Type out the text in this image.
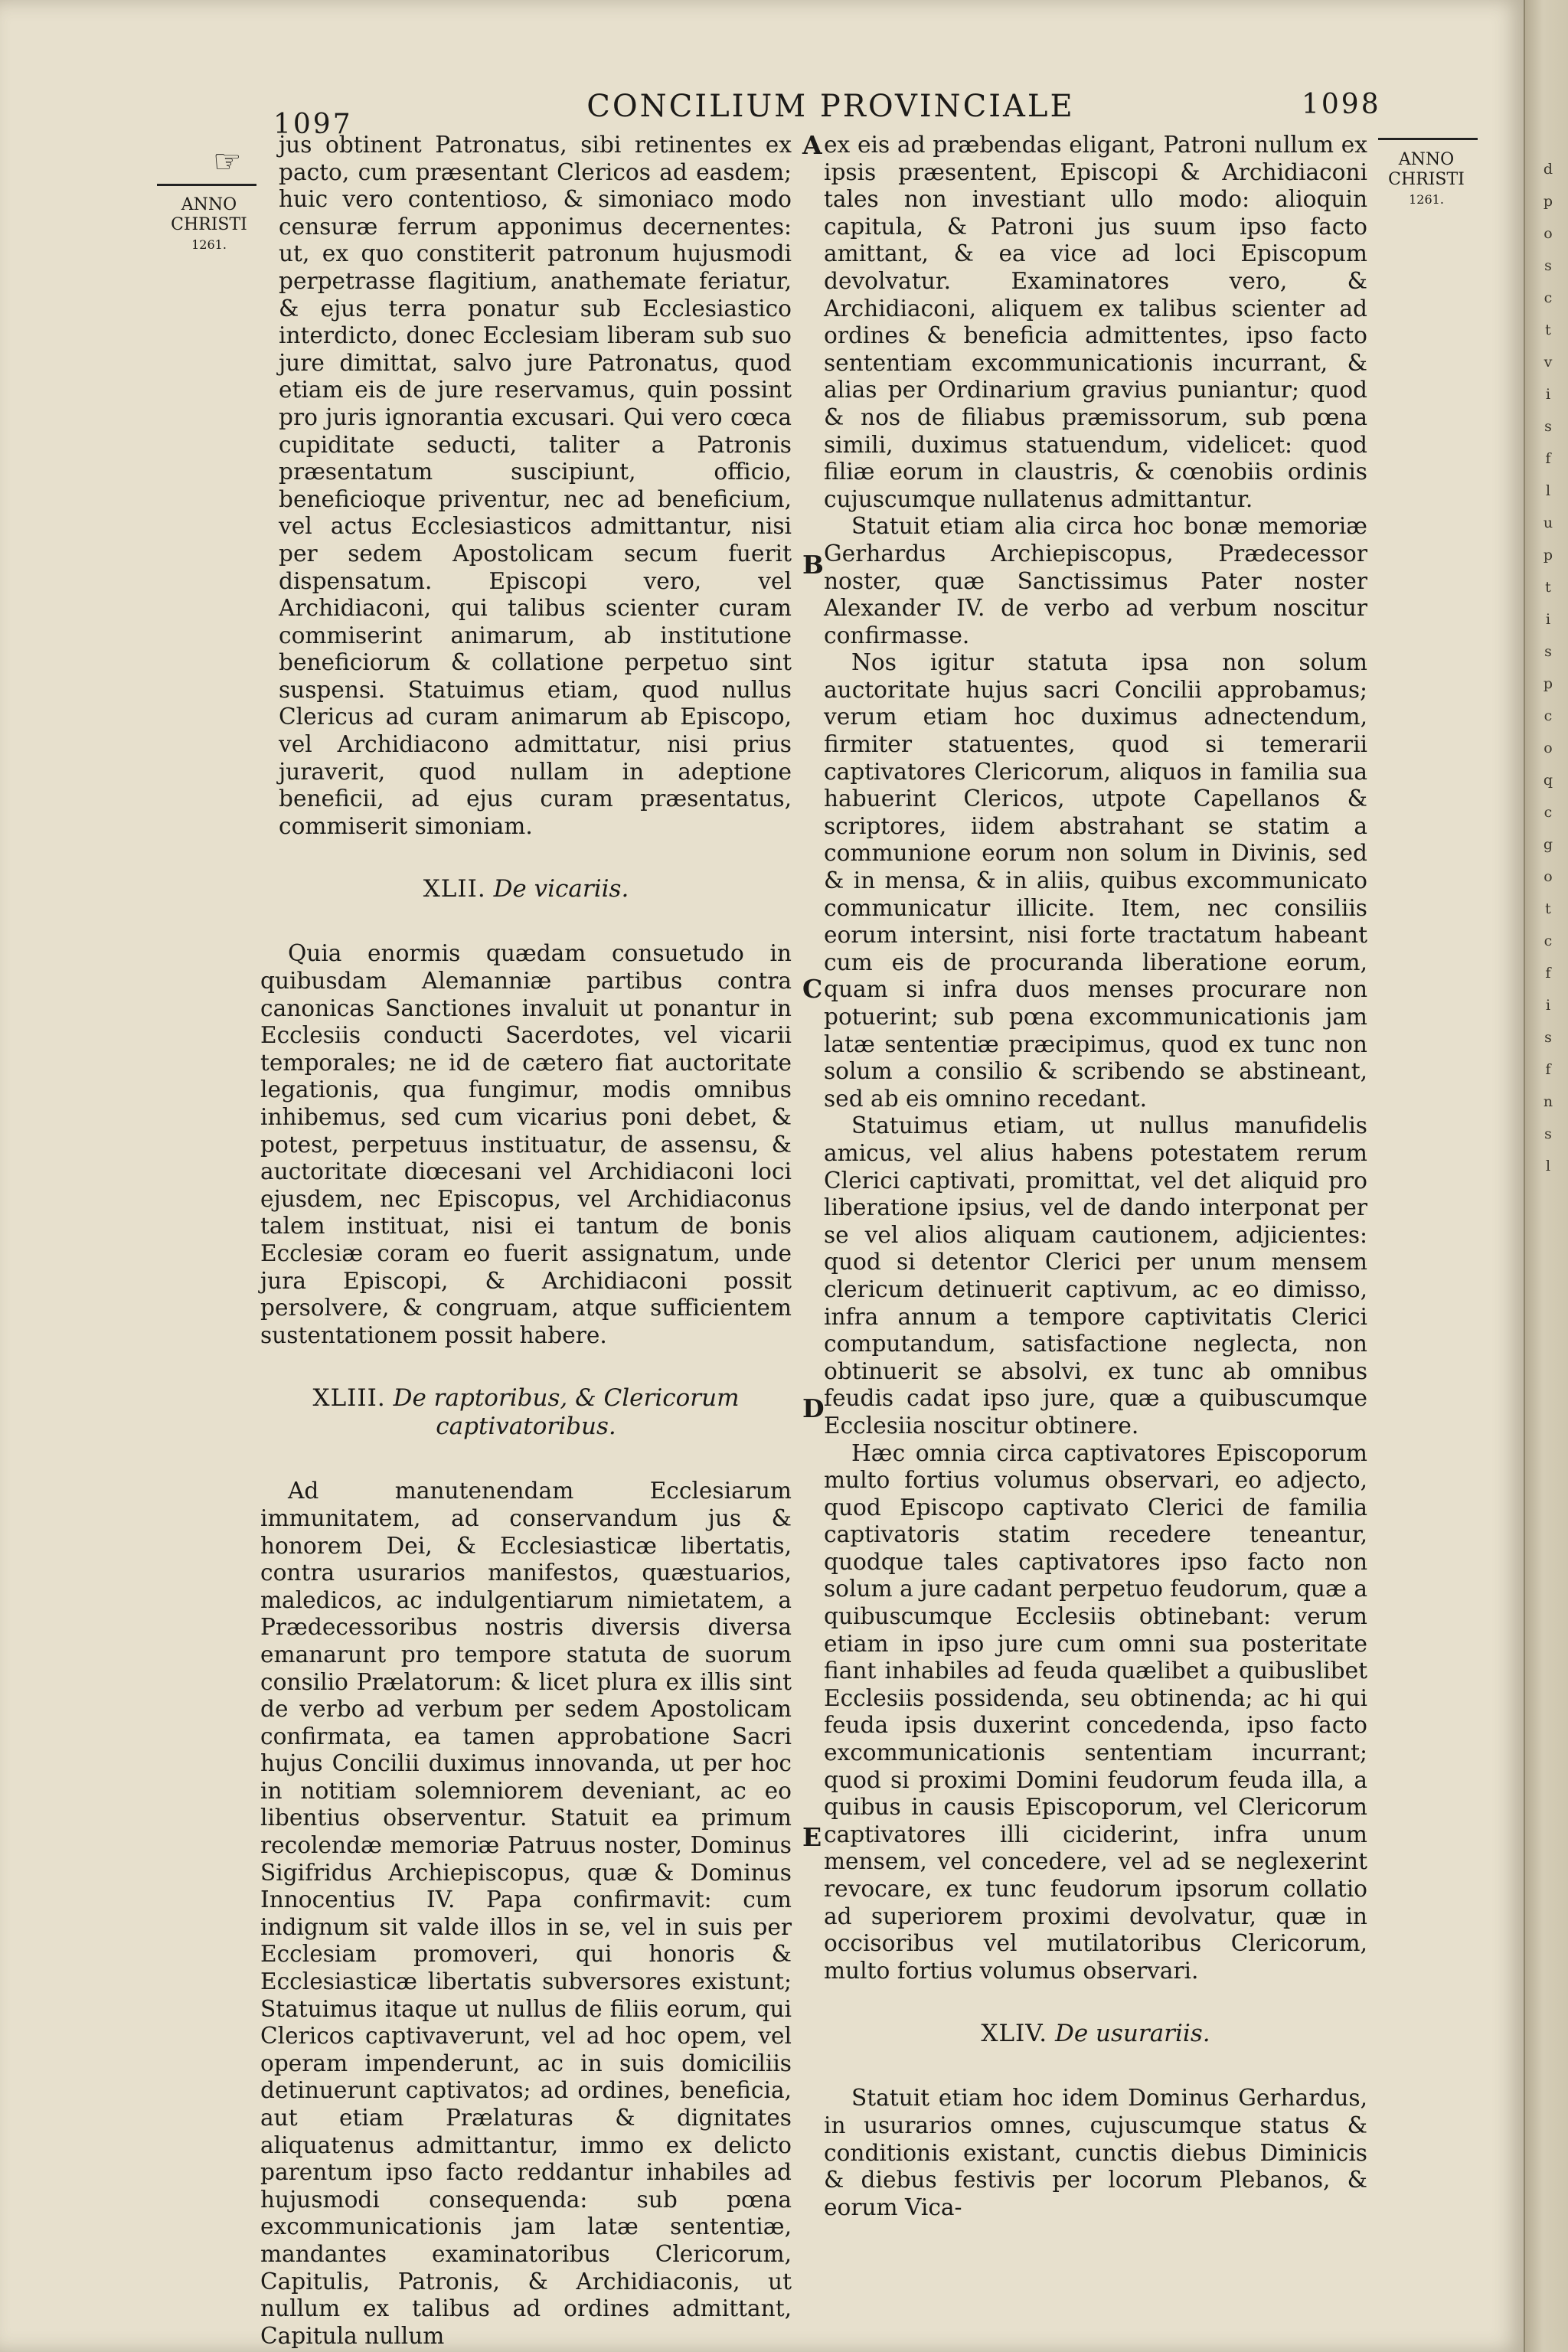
☞
1097
CONCILIUM PROVINCIALE	1098
ANNO
CHRISTI
1261.
ANNO
CHRISTI
1261.

jus obtinent Patronatus, sibi retinentes ex pacto, cum præsentant Clericos ad easdem; huic vero contentioso, & simoniaco modo censuræ ferrum apponimus decernentes: ut, ex quo constiterit patronum hujusmodi perpetrasse flagitium, anathemate feriatur, & ejus terra ponatur sub Ecclesiastico interdicto, donec Ecclesiam liberam sub suo jure dimittat, salvo jure Patronatus, quod etiam eis de jure reservamus, quin possint pro juris ignorantia excusari. Qui vero cœca cupiditate seducti, taliter a Patronis præsentatum suscipiunt, officio, beneficioque priventur, nec ad beneficium, vel actus Ecclesiasticos admittantur, nisi per sedem Apostolicam secum fuerit dispensatum. Episcopi vero, vel Archidiaconi, qui talibus scienter curam commiserint animarum, ab institutione beneficiorum & collatione perpetuo sint suspensi. Statuimus etiam, quod nullus Clericus ad curam animarum ab Episcopo, vel Archidiacono admittatur, nisi prius juraverit, quod nullam in adeptione beneficii, ad ejus curam præsentatus, commiserit simoniam.

XLII. De vicariis.

Quia enormis quædam consuetudo in quibusdam Alemanniæ partibus contra canonicas Sanctiones invaluit ut ponantur in Ecclesiis conducti Sacerdotes, vel vicarii temporales; ne id de cætero fiat auctoritate legationis, qua fungimur, modis omnibus inhibemus, sed cum vicarius poni debet, & potest, perpetuus instituatur, de assensu, & auctoritate diœcesani vel Archidiaconi loci ejusdem, nec Episcopus, vel Archidiaconus talem instituat, nisi ei tantum de bonis Ecclesiæ coram eo fuerit assignatum, unde jura Episcopi, & Archidiaconi possit persolvere, & congruam, atque sufficientem sustentationem possit habere.

XLIII. De raptoribus, & Clericorum captivatoribus.

Ad manutenendam Ecclesiarum immunitatem, ad conservandum jus & honorem Dei, & Ecclesiasticæ libertatis, contra usurarios manifestos, quæstuarios, maledicos, ac indulgentiarum nimietatem, a Prædecessoribus nostris diversis diversa emanarunt pro tempore statuta de suorum consilio Prælatorum: & licet plura ex illis sint de verbo ad verbum per sedem Apostolicam confirmata, ea tamen approbatione Sacri hujus Concilii duximus innovanda, ut per hoc in notitiam solemniorem deveniant, ac eo libentius observentur. Statuit ea primum recolendæ memoriæ Patruus noster, Dominus Sigifridus Archiepiscopus, quæ & Dominus Innocentius IV. Papa confirmavit: cum indignum sit valde illos in se, vel in suis per Ecclesiam promoveri, qui honoris & Ecclesiasticæ libertatis subversores existunt; Statuimus itaque ut nullus de filiis eorum, qui Clericos captivaverunt, vel ad hoc opem, vel operam impenderunt, ac in suis domiciliis detinuerunt captivatos; ad ordines, beneficia, aut etiam Prælaturas & dignitates aliquatenus admittantur, immo ex delicto parentum ipso facto reddantur inhabiles ad hujusmodi consequenda: sub pœna excommunicationis jam latæ sententiæ, mandantes examinatoribus Clericorum, Capitulis, Patronis, & Archidiaconis, ut nullum ex talibus ad ordines admittant, Capitula nullum

A
B
C
D
E

ex eis ad præbendas eligant, Patroni nullum ex ipsis præsentent, Episcopi & Archidiaconi tales non investiant ullo modo: alioquin capitula, & Patroni jus suum ipso facto amittant, & ea vice ad loci Episcopum devolvatur. Examinatores vero, & Archidiaconi, aliquem ex talibus scienter ad ordines & beneficia admittentes, ipso facto sententiam excommunicationis incurrant, & alias per Ordinarium gravius puniantur; quod & nos de filiabus præmissorum, sub pœna simili, duximus statuendum, videlicet: quod filiæ eorum in claustris, & cœnobiis ordinis cujuscumque nullatenus admittantur.

Statuit etiam alia circa hoc bonæ memoriæ Gerhardus Archiepiscopus, Prædecessor noster, quæ Sanctissimus Pater noster Alexander IV. de verbo ad verbum noscitur confirmasse.

Nos igitur statuta ipsa non solum auctoritate hujus sacri Concilii approbamus; verum etiam hoc duximus adnectendum, firmiter statuentes, quod si temerarii captivatores Clericorum, aliquos in familia sua habuerint Clericos, utpote Capellanos & scriptores, iidem abstrahant se statim a communione eorum non solum in Divinis, sed & in mensa, & in aliis, quibus excommunicato communicatur illicite. Item, nec consiliis eorum intersint, nisi forte tractatum habeant cum eis de procuranda liberatione eorum, quam si infra duos menses procurare non potuerint; sub pœna excommunicationis jam latæ sententiæ præcipimus, quod ex tunc non solum a consilio & scribendo se abstineant, sed ab eis omnino recedant.

Statuimus etiam, ut nullus manufidelis amicus, vel alius habens potestatem rerum Clerici captivati, promittat, vel det aliquid pro liberatione ipsius, vel de dando interponat per se vel alios aliquam cautionem, adjicientes: quod si detentor Clerici per unum mensem clericum detinuerit captivum, ac eo dimisso, infra annum a tempore captivitatis Clerici computandum, satisfactione neglecta, non obtinuerit se absolvi, ex tunc ab omnibus feudis cadat ipso jure, quæ a quibuscumque Ecclesiia noscitur obtinere.

Hæc omnia circa captivatores Episcoporum multo fortius volumus observari, eo adjecto, quod Episcopo captivato Clerici de familia captivatoris statim recedere teneantur, quodque tales captivatores ipso facto non solum a jure cadant perpetuo feudorum, quæ a quibuscumque Ecclesiis obtinebant: verum etiam in ipso jure cum omni sua posteritate fiant inhabiles ad feuda quælibet a quibuslibet Ecclesiis possidenda, seu obtinenda; ac hi qui feuda ipsis duxerint concedenda, ipso facto excommunicationis sententiam incurrant; quod si proximi Domini feudorum feuda illa, a quibus in causis Episcoporum, vel Clericorum captivatores illi ciciderint, infra unum mensem, vel concedere, vel ad se neglexerint revocare, ex tunc feudorum ipsorum collatio ad superiorem proximi devolvatur, quæ in occisoribus vel mutilatoribus Clericorum, multo fortius volumus observari.

XLIV. De usurariis.

Statuit etiam hoc idem Dominus Gerhardus, in usurarios omnes, cujuscumque status & conditionis existant, cunctis diebus Diminicis & diebus festivis per locorum Plebanos, & eorum Vica-

d
p
o
s
c
t
v
i
s
f
l
u
p
t
i
s
p
c
o
q
c
g
o
t
c
f
i
s
f
n
s
l
